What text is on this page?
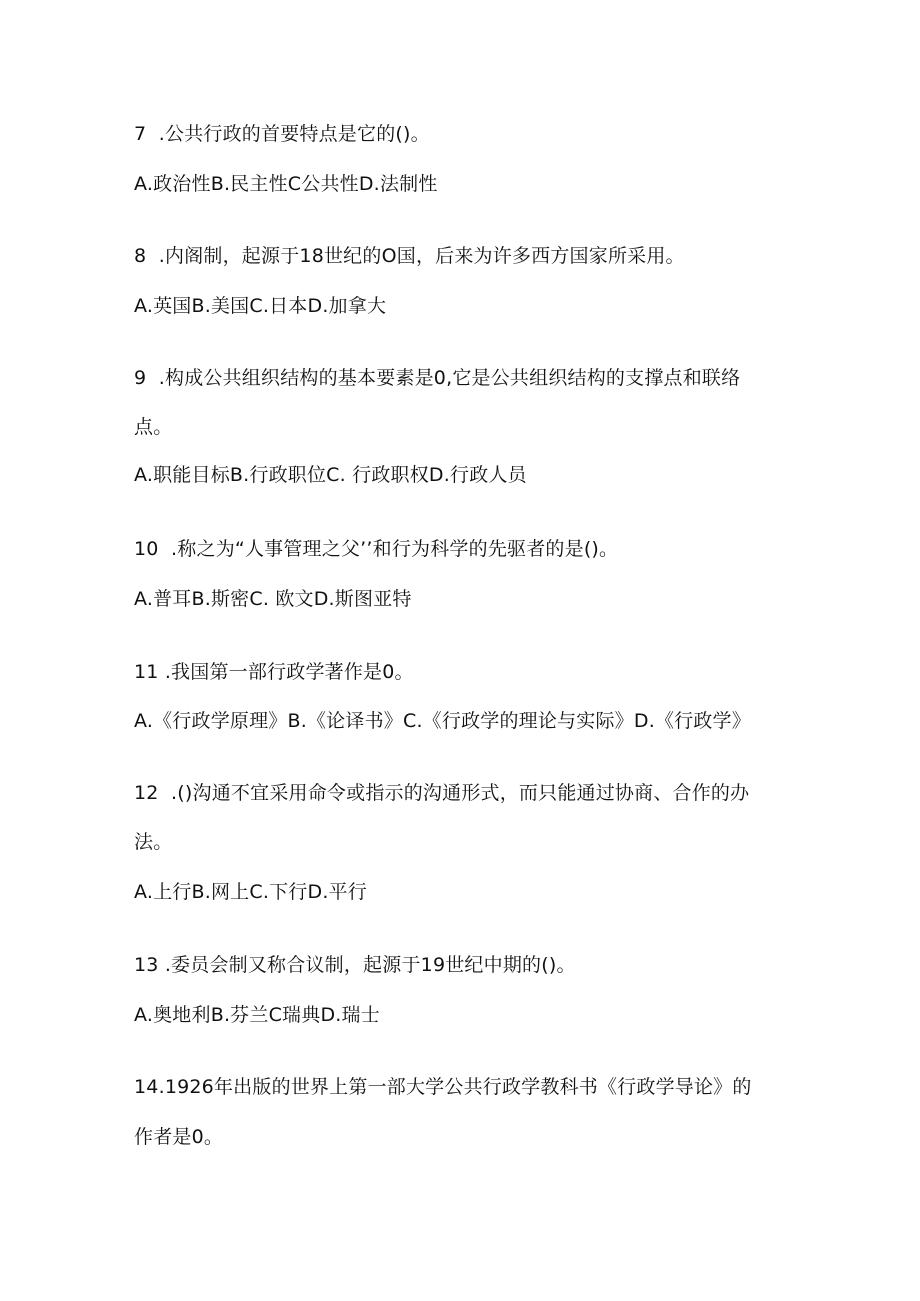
7  .公共行政的首要特点是它的()。
A.政治性B.民主性C公共性D.法制性
8  .内阁制，起源于18世纪的O国，后来为许多西方国家所采用。
A.英国B.美国C.日本D.加拿大
9  .构成公共组织结构的基本要素是0,它是公共组织结构的支撑点和联络
点。
A.职能目标B.行政职位C. 行政职权D.行政人员
10  .称之为“人事管理之父’’和行为科学的先驱者的是()。
A.普耳B.斯密C. 欧文D.斯图亚特
11 .我国第一部行政学著作是0。
A.《行政学原理》B.《论译书》C.《行政学的理论与实际》D.《行政学》
12  .()沟通不宜采用命令或指示的沟通形式，而只能通过协商、合作的办
法。
A.上行B.网上C.下行D.平行
13 .委员会制又称合议制，起源于19世纪中期的()。
A.奥地利B.芬兰C瑞典D.瑞士
14.1926年出版的世界上第一部大学公共行政学教科书《行政学导论》的
作者是0。
